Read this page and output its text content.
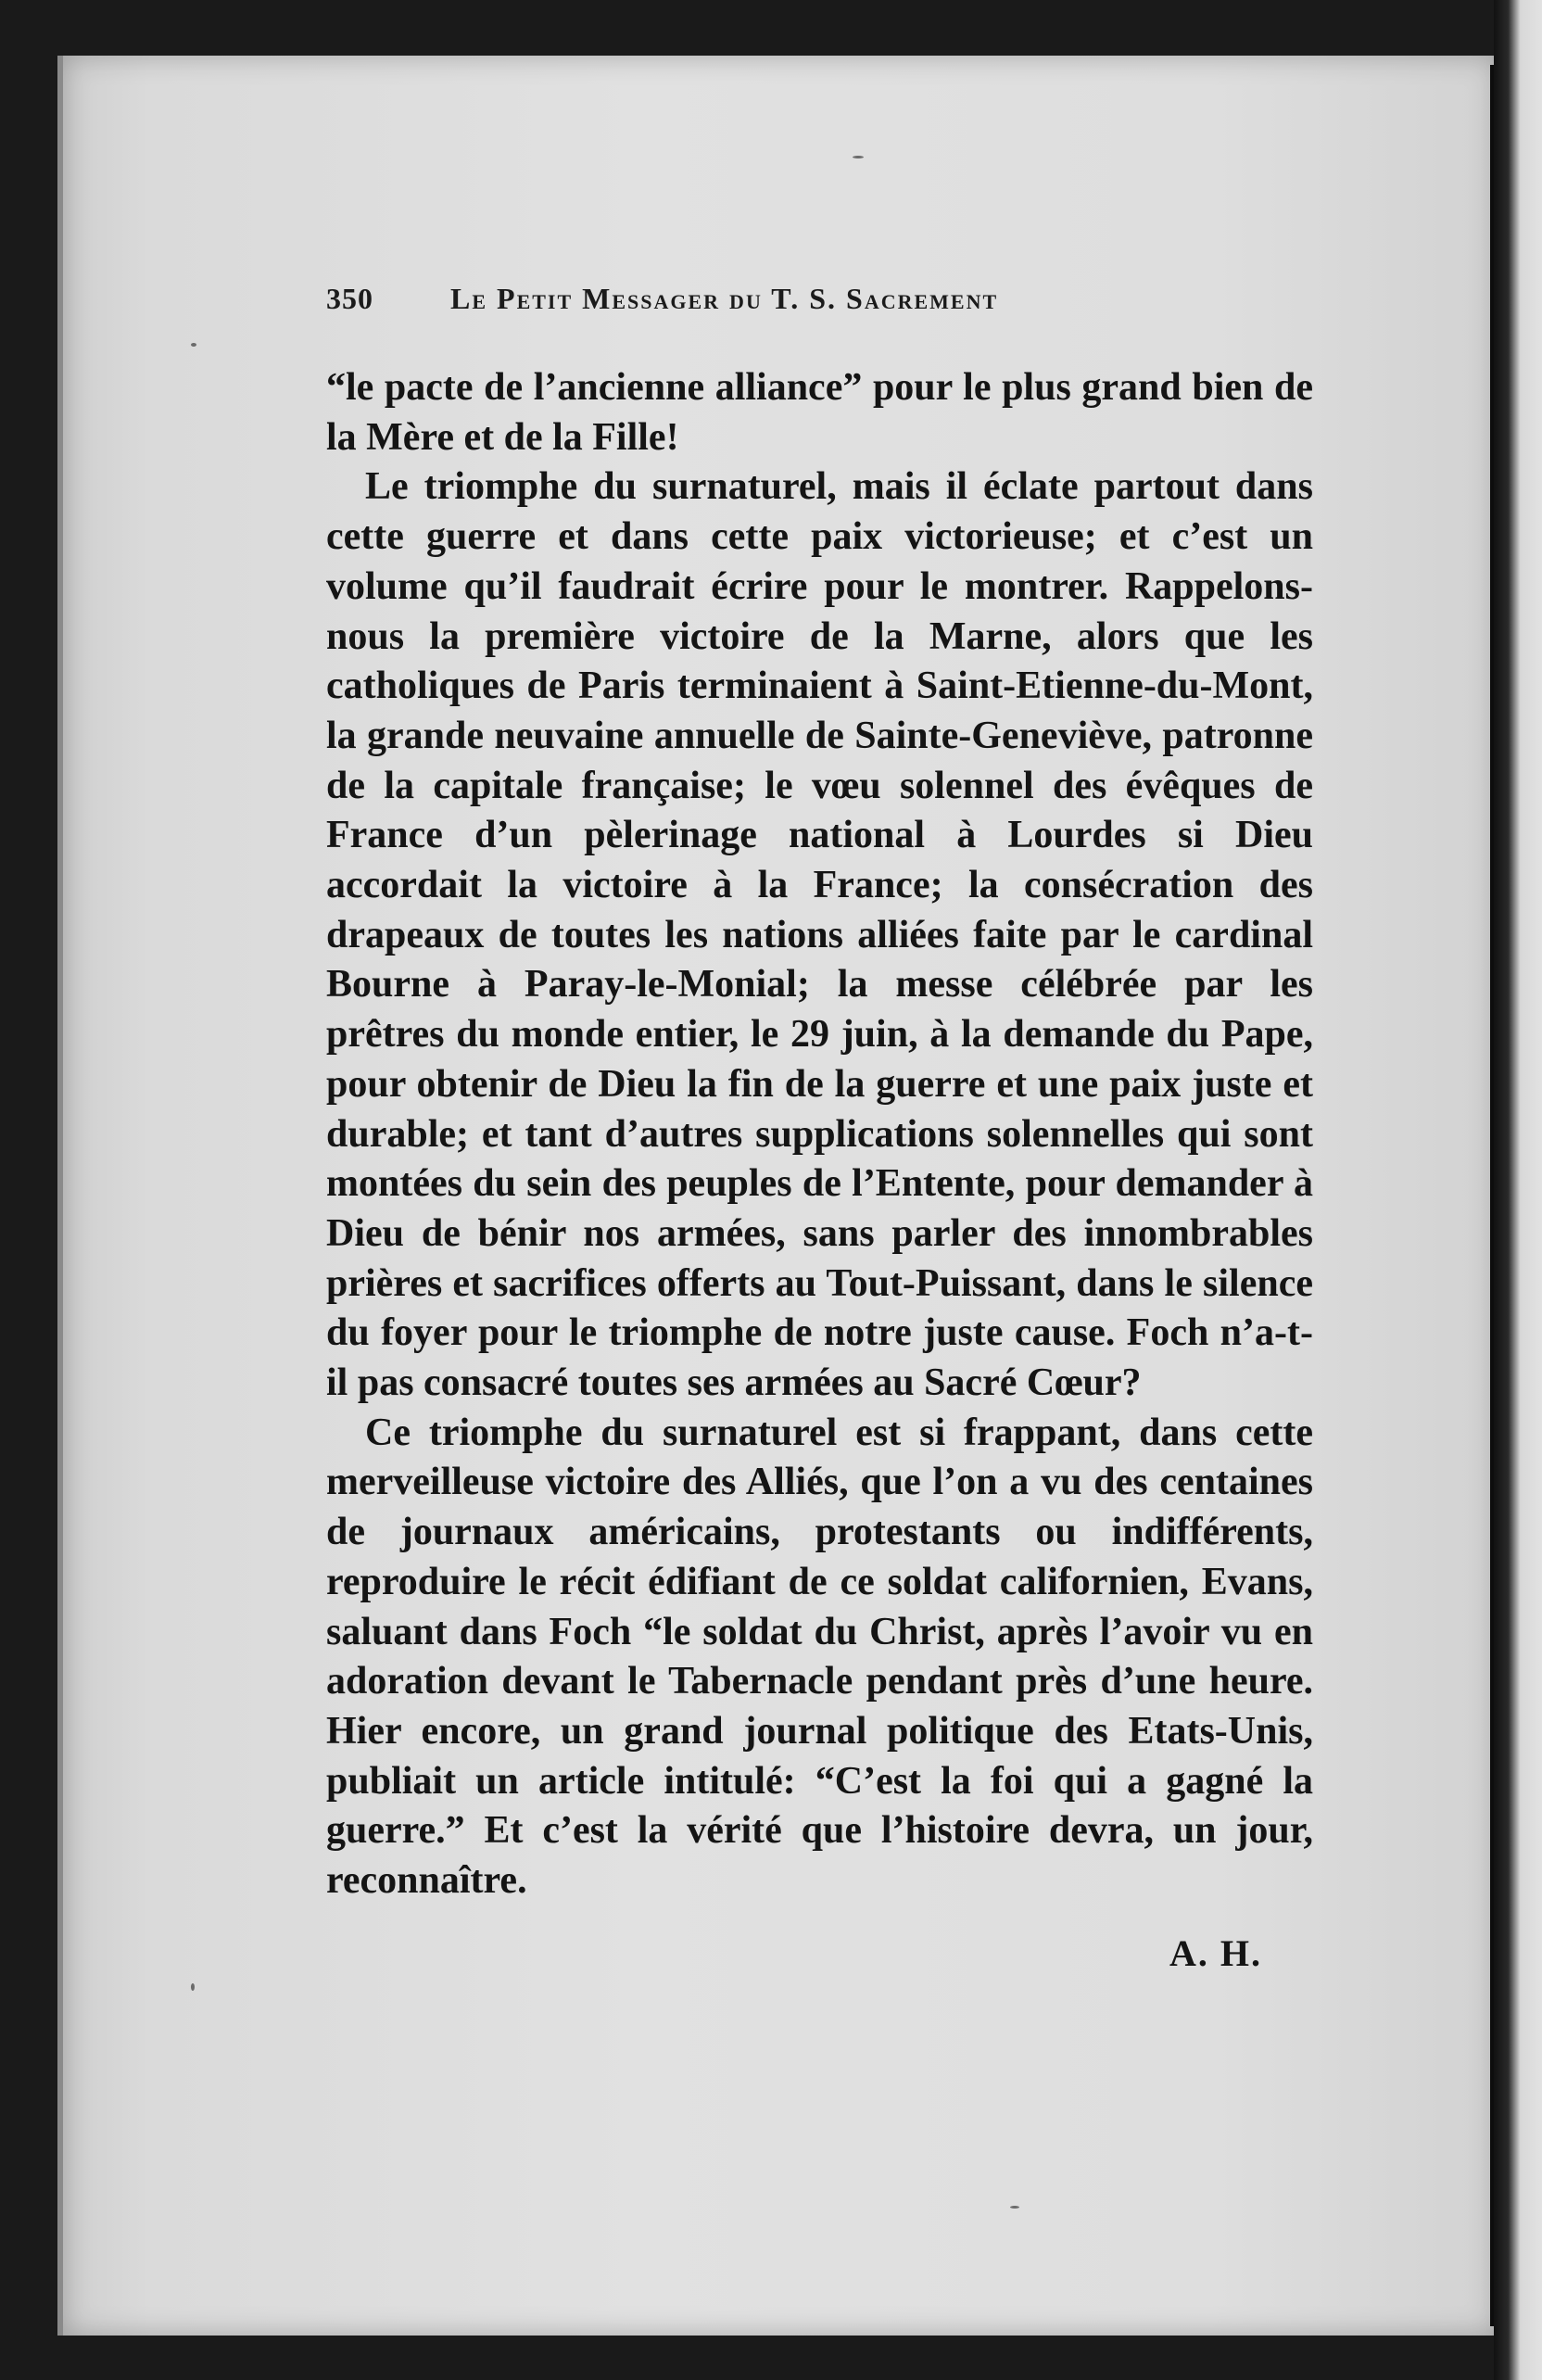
350	Le Petit Messager du T. S. Sacrement

“le pacte de l’ancienne alliance” pour le plus grand bien de la Mère et de la Fille!

Le triomphe du surnaturel, mais il éclate partout dans cette guerre et dans cette paix victorieuse; et c’est un volume qu’il faudrait écrire pour le montrer. Rappelons-nous la première victoire de la Marne, alors que les catholiques de Paris terminaient à Saint-Etienne-du-Mont, la grande neuvaine annuelle de Sainte-Geneviève, patronne de la capitale française; le vœu solennel des évêques de France d’un pèlerinage national à Lourdes si Dieu accordait la victoire à la France; la consécration des drapeaux de toutes les nations alliées faite par le cardinal Bourne à Paray-le-Monial; la messe célébrée par les prêtres du monde entier, le 29 juin, à la demande du Pape, pour obtenir de Dieu la fin de la guerre et une paix juste et durable; et tant d’autres supplications solennelles qui sont montées du sein des peuples de l’Entente, pour demander à Dieu de bénir nos armées, sans parler des innombrables prières et sacrifices offerts au Tout-Puissant, dans le silence du foyer pour le triomphe de notre juste cause. Foch n’a-t-il pas consacré toutes ses armées au Sacré Cœur?

Ce triomphe du surnaturel est si frappant, dans cette merveilleuse victoire des Alliés, que l’on a vu des centaines de journaux américains, protestants ou indifférents, reproduire le récit édifiant de ce soldat californien, Evans, saluant dans Foch “le soldat du Christ, après l’avoir vu en adoration devant le Tabernacle pendant près d’une heure. Hier encore, un grand journal politique des Etats-Unis, publiait un article intitulé: “C’est la foi qui a gagné la guerre.” Et c’est la vérité que l’histoire devra, un jour, reconnaître.

A. H.
